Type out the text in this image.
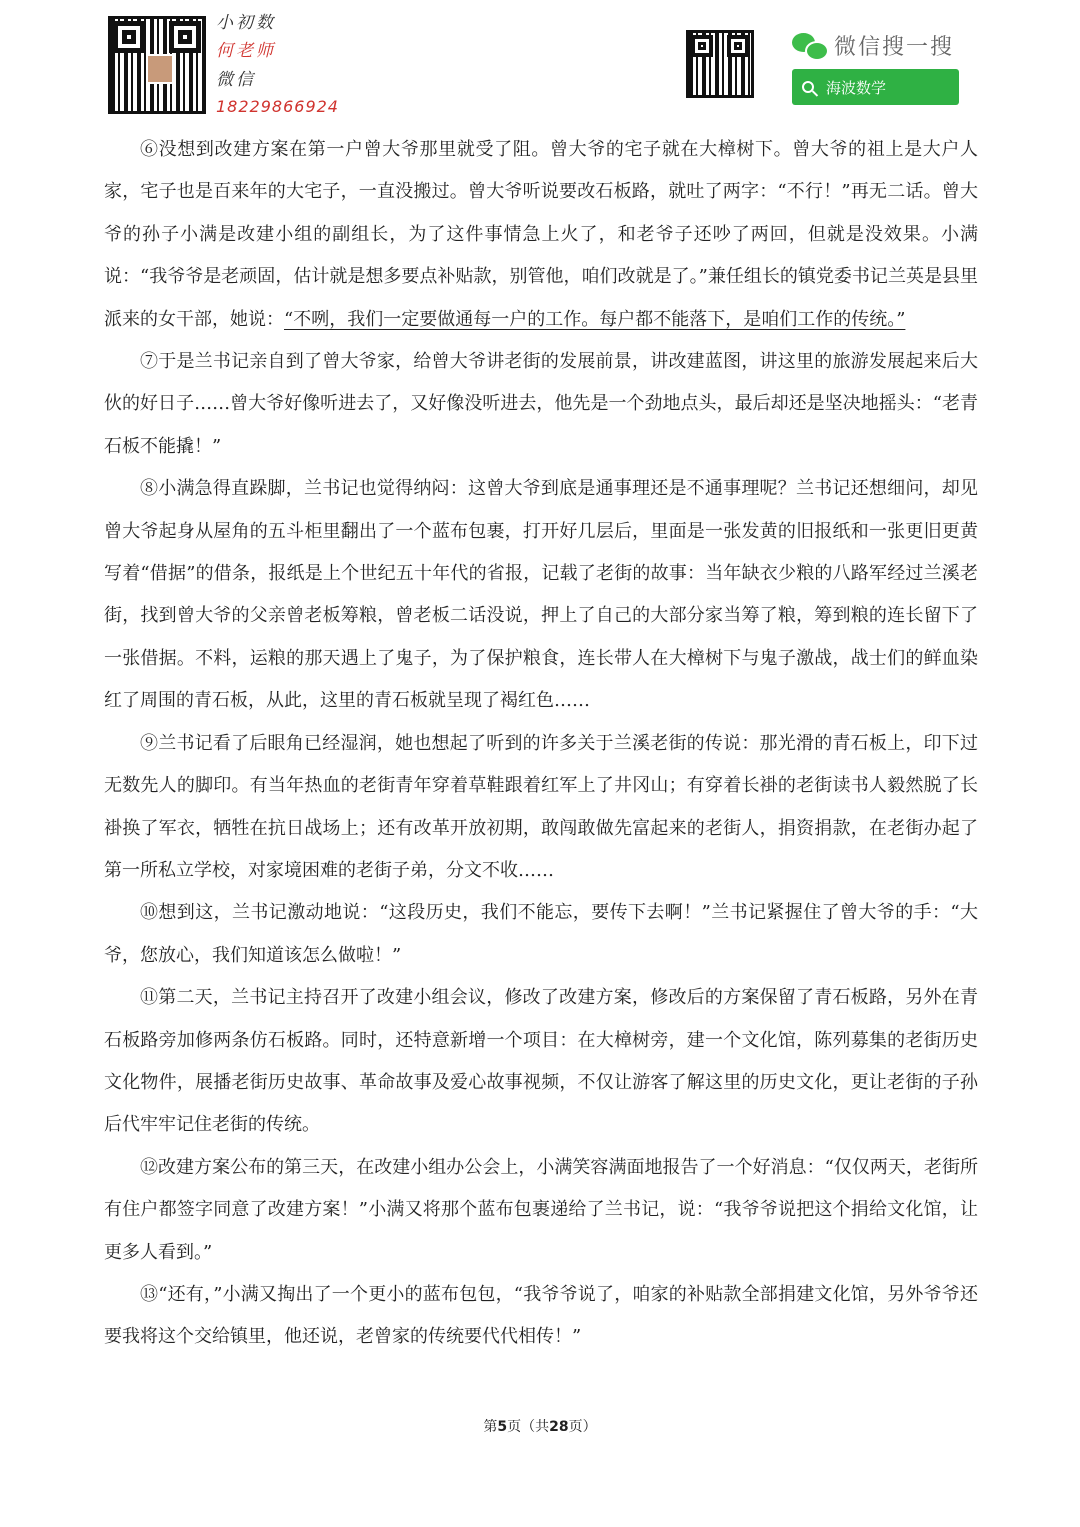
小初数
何老师
微信
18229866924
微信搜一搜
海波数学

⑥没想到改建方案在第一户曾大爷那里就受了阻。曾大爷的宅子就在大樟树下。曾大爷的祖上是大户人家，宅子也是百来年的大宅子，一直没搬过。曾大爷听说要改石板路，就吐了两字：“不行！”再无二话。曾大爷的孙子小满是改建小组的副组长，为了这件事情急上火了，和老爷子还吵了两回，但就是没效果。小满说：“我爷爷是老顽固，估计就是想多要点补贴款，别管他，咱们改就是了。”兼任组长的镇党委书记兰英是县里派来的女干部，她说：“不咧，我们一定要做通每一户的工作。每户都不能落下，是咱们工作的传统。”

⑦于是兰书记亲自到了曾大爷家，给曾大爷讲老街的发展前景，讲改建蓝图，讲这里的旅游发展起来后大伙的好日子……曾大爷好像听进去了，又好像没听进去，他先是一个劲地点头，最后却还是坚决地摇头：“老青石板不能撬！”

⑧小满急得直跺脚，兰书记也觉得纳闷：这曾大爷到底是通事理还是不通事理呢？兰书记还想细问，却见曾大爷起身从屋角的五斗柜里翻出了一个蓝布包裹，打开好几层后，里面是一张发黄的旧报纸和一张更旧更黄写着“借据”的借条，报纸是上个世纪五十年代的省报，记载了老街的故事：当年缺衣少粮的八路军经过兰溪老街，找到曾大爷的父亲曾老板筹粮，曾老板二话没说，押上了自己的大部分家当筹了粮，筹到粮的连长留下了一张借据。不料，运粮的那天遇上了鬼子，为了保护粮食，连长带人在大樟树下与鬼子激战，战士们的鲜血染红了周围的青石板，从此，这里的青石板就呈现了褐红色……

⑨兰书记看了后眼角已经湿润，她也想起了听到的许多关于兰溪老街的传说：那光滑的青石板上，印下过无数先人的脚印。有当年热血的老街青年穿着草鞋跟着红军上了井冈山；有穿着长褂的老街读书人毅然脱了长褂换了军衣，牺牲在抗日战场上；还有改革开放初期，敢闯敢做先富起来的老街人，捐资捐款，在老街办起了第一所私立学校，对家境困难的老街子弟，分文不收……

⑩想到这，兰书记激动地说：“这段历史，我们不能忘，要传下去啊！”兰书记紧握住了曾大爷的手：“大爷，您放心，我们知道该怎么做啦！”

⑪第二天，兰书记主持召开了改建小组会议，修改了改建方案，修改后的方案保留了青石板路，另外在青石板路旁加修两条仿石板路。同时，还特意新增一个项目：在大樟树旁，建一个文化馆，陈列募集的老街历史文化物件，展播老街历史故事、革命故事及爱心故事视频，不仅让游客了解这里的历史文化，更让老街的子孙后代牢牢记住老街的传统。

⑫改建方案公布的第三天，在改建小组办公会上，小满笑容满面地报告了一个好消息：“仅仅两天，老街所有住户都签字同意了改建方案！”小满又将那个蓝布包裹递给了兰书记，说：“我爷爷说把这个捐给文化馆，让更多人看到。”

⑬“还有，”小满又掏出了一个更小的蓝布包包，“我爷爷说了，咱家的补贴款全部捐建文化馆，另外爷爷还要我将这个交给镇里，他还说，老曾家的传统要代代相传！”

第5页（共28页）
